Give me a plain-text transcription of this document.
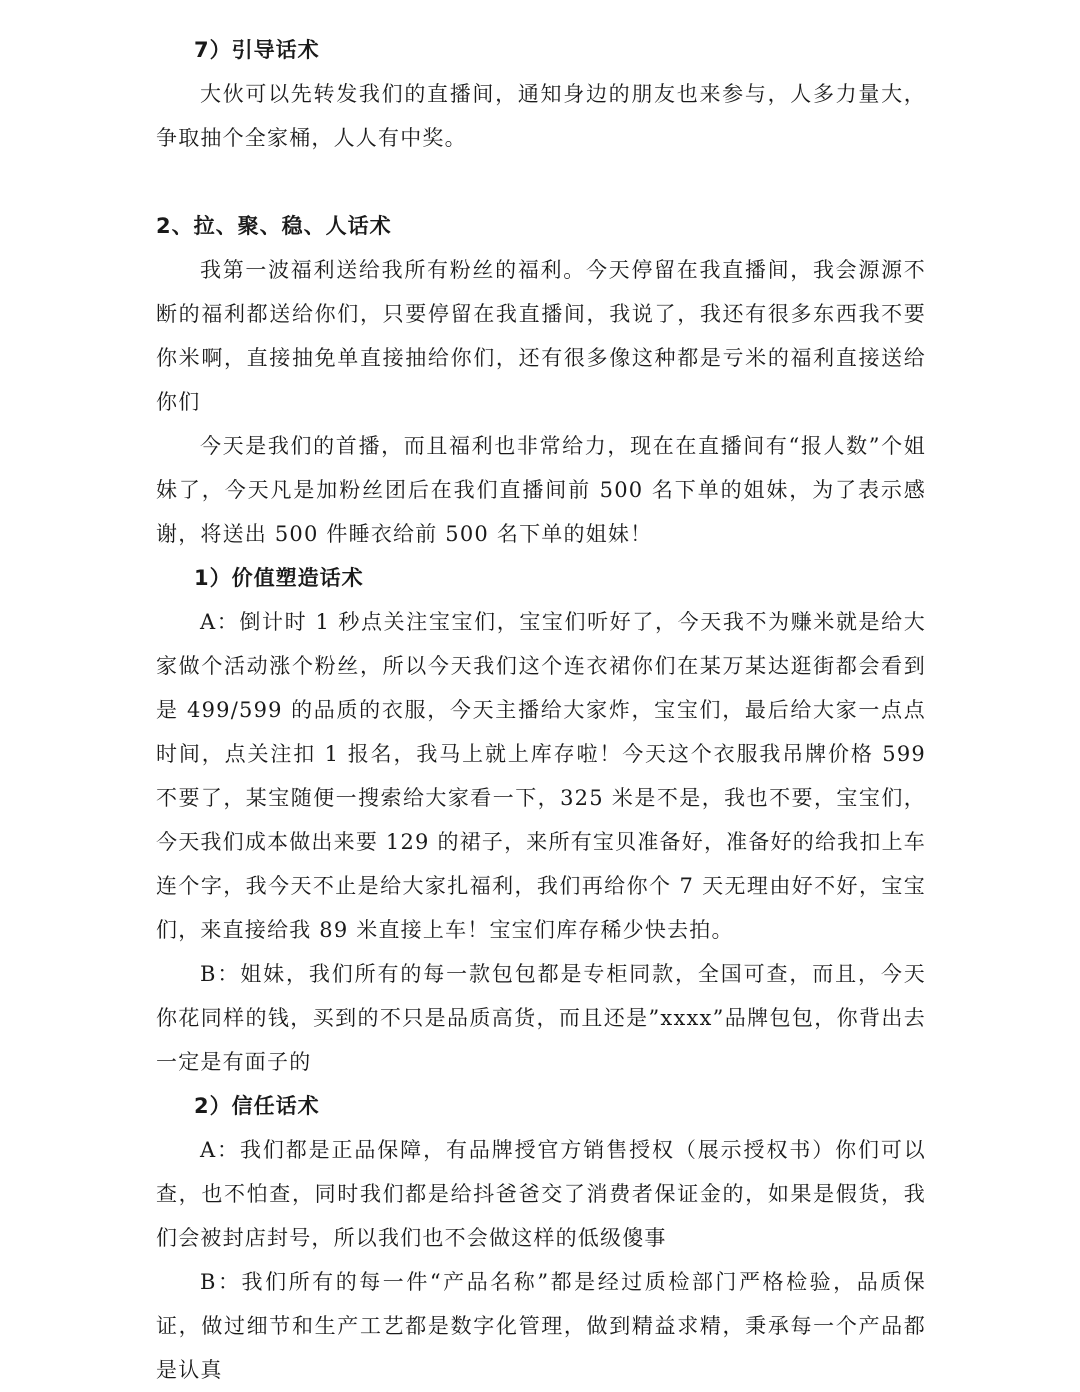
7）引导话术

大伙可以先转发我们的直播间，通知身边的朋友也来参与，人多力量大，争取抽个全家桶，人人有中奖。

2、拉、聚、稳、人话术

我第一波福利送给我所有粉丝的福利。今天停留在我直播间，我会源源不断的福利都送给你们，只要停留在我直播间，我说了，我还有很多东西我不要你米啊，直接抽免单直接抽给你们，还有很多像这种都是亏米的福利直接送给你们

今天是我们的首播，而且福利也非常给力，现在在直播间有“报人数”个姐妹了，今天凡是加粉丝团后在我们直播间前 500 名下单的姐妹，为了表示感谢，将送出 500 件睡衣给前 500 名下单的姐妹！

1）价值塑造话术

A：倒计时 1 秒点关注宝宝们，宝宝们听好了，今天我不为赚米就是给大家做个活动涨个粉丝，所以今天我们这个连衣裙你们在某万某达逛街都会看到是 499/599 的品质的衣服，今天主播给大家炸，宝宝们，最后给大家一点点时间，点关注扣 1 报名，我马上就上库存啦！今天这个衣服我吊牌价格 599 不要了，某宝随便一搜索给大家看一下，325 米是不是，我也不要，宝宝们，今天我们成本做出来要 129 的裙子，来所有宝贝准备好，准备好的给我扣上车连个字，我今天不止是给大家扎福利，我们再给你个 7 天无理由好不好，宝宝们，来直接给我 89 米直接上车！宝宝们库存稀少快去拍。

B：姐妹，我们所有的每一款包包都是专柜同款，全国可查，而且，今天你花同样的钱，买到的不只是品质高货，而且还是”xxxx”品牌包包，你背出去一定是有面子的

2）信任话术

A：我们都是正品保障，有品牌授官方销售授权（展示授权书）你们可以查，也不怕查，同时我们都是给抖爸爸交了消费者保证金的，如果是假货，我们会被封店封号，所以我们也不会做这样的低级傻事

B：我们所有的每一件“产品名称”都是经过质检部门严格检验，品质保证，做过细节和生产工艺都是数字化管理，做到精益求精，秉承每一个产品都是认真
